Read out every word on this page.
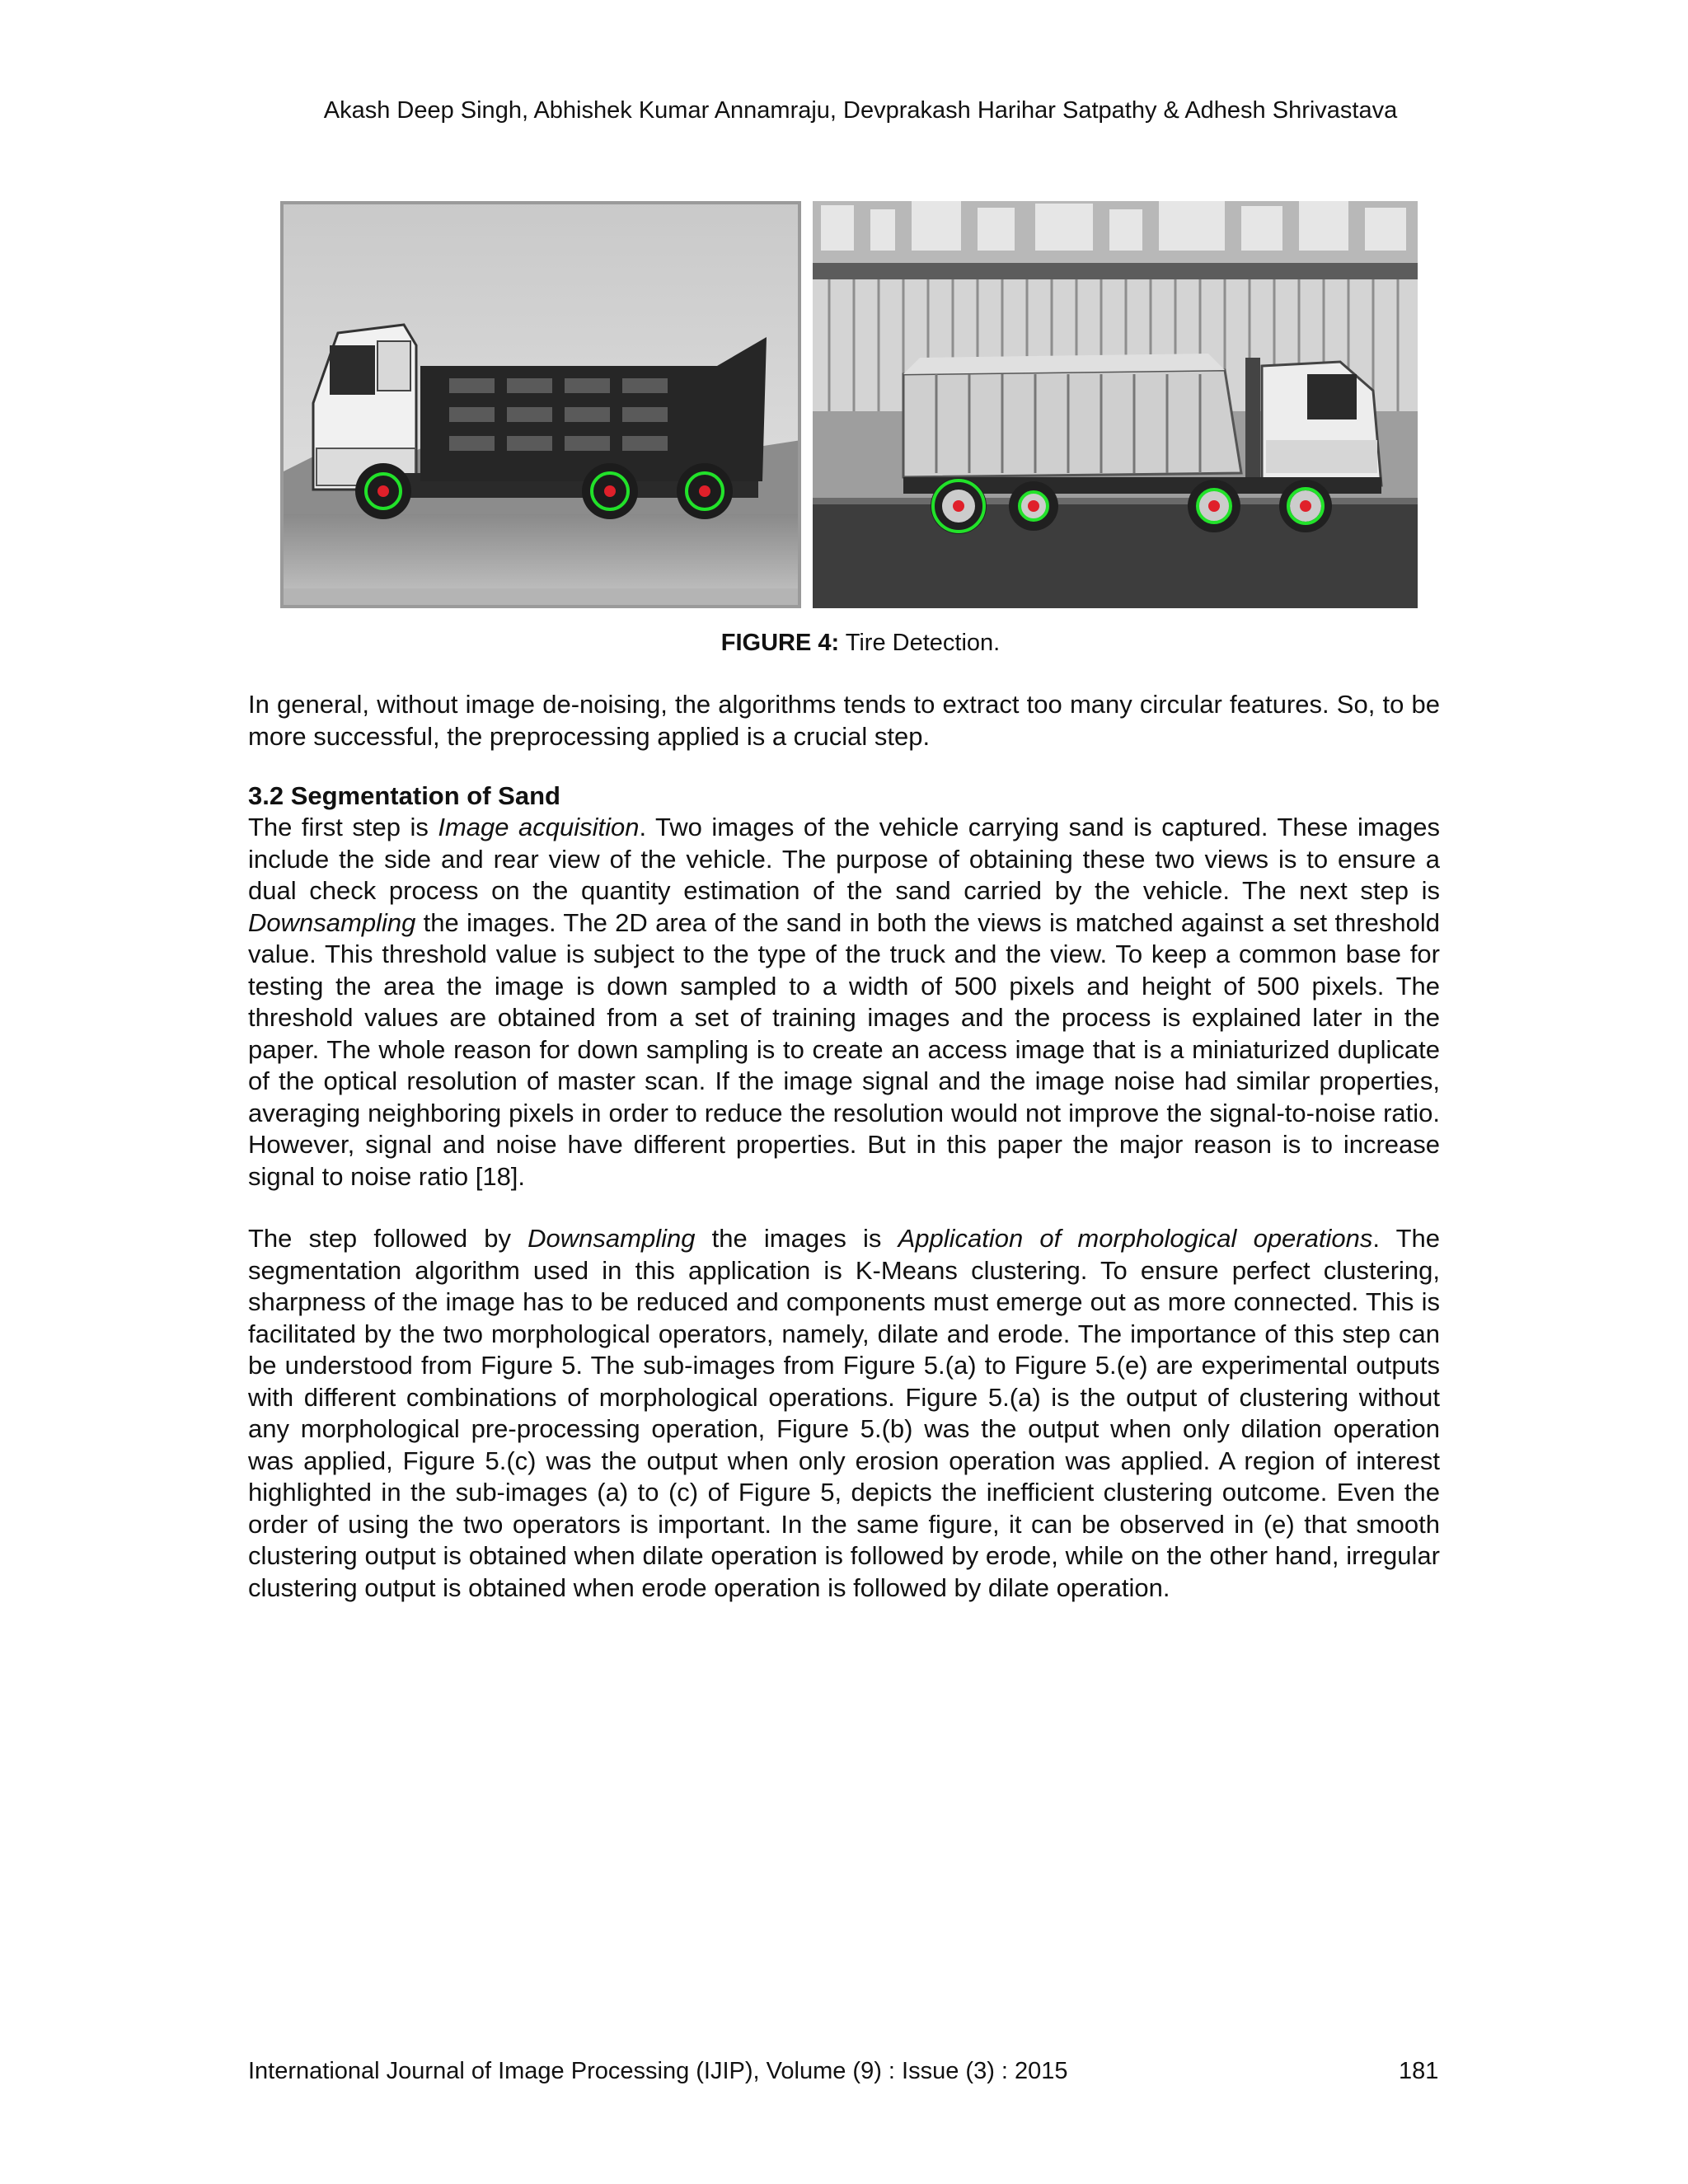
Akash Deep Singh, Abhishek Kumar Annamraju, Devprakash Harihar Satpathy & Adhesh Shrivastava
FIGURE 4: Tire Detection.

In general, without image de-noising, the algorithms tends to extract too many circular features. So, to be more successful, the preprocessing applied is a crucial step.

3.2 Segmentation of Sand

The first step is Image acquisition. Two images of the vehicle carrying sand is captured. These images include the side and rear view of the vehicle. The purpose of obtaining these two views is to ensure a dual check process on the quantity estimation of the sand carried by the vehicle. The next step is Downsampling the images. The 2D area of the sand in both the views is matched against a set threshold value. This threshold value is subject to the type of the truck and the view. To keep a common base for testing the area the image is down sampled to a width of 500 pixels and height of 500 pixels. The threshold values are obtained from a set of training images and the process is explained later in the paper. The whole reason for down sampling is to create an access image that is a miniaturized duplicate of the optical resolution of master scan. If the image signal and the image noise had similar properties, averaging neighboring pixels in order to reduce the resolution would not improve the signal-to-noise ratio. However, signal and noise have different properties. But in this paper the major reason is to increase signal to noise ratio [18].

The step followed by Downsampling the images is Application of morphological operations. The segmentation algorithm used in this application is K-Means clustering. To ensure perfect clustering, sharpness of the image has to be reduced and components must emerge out as more connected. This is facilitated by the two morphological operators, namely, dilate and erode. The importance of this step can be understood from Figure 5. The sub-images from Figure 5.(a) to Figure 5.(e) are experimental outputs with different combinations of morphological operations. Figure 5.(a) is the output of clustering without any morphological pre-processing operation, Figure 5.(b) was the output when only dilation operation was applied, Figure 5.(c) was the output when only erosion operation was applied. A region of interest highlighted in the sub-images (a) to (c) of Figure 5, depicts the inefficient clustering outcome. Even the order of using the two operators is important. In the same figure, it can be observed in (e) that smooth clustering output is obtained when dilate operation is followed by erode, while on the other hand, irregular clustering output is obtained when erode operation is followed by dilate operation.

International Journal of Image Processing (IJIP), Volume (9) : Issue (3) : 2015	181
